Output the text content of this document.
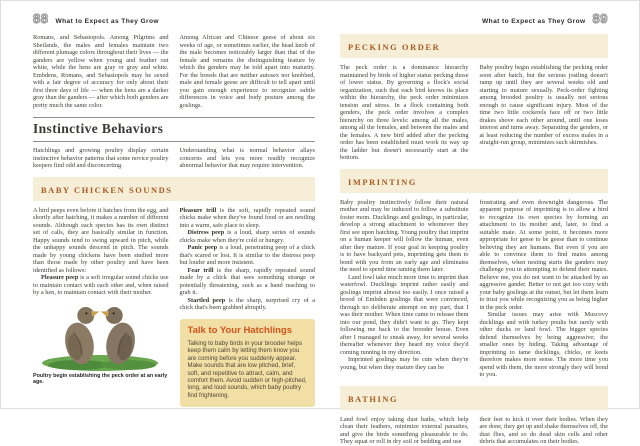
88 What to Expect as They Grow

Romans, and Sebastopols. Among Pilgrims and Shetlands, the males and females maintain two different plumage colors throughout their lives — the ganders are yellow when young and feather out white, while the hens are gray or gray and white. Embdens, Romans, and Sebastopols may be sexed with a fair degree of accuracy for only about their first three days of life — when the hens are a darker gray than the ganders — after which both genders are pretty much the same color.

Among African and Chinese geese of about six weeks of age, or sometimes earlier, the head knob of the male becomes noticeably larger than that of the female and remains the distinguishing feature by which the genders may be told apart into maturity. For the breeds that are neither autosex nor knobbed, male and female geese are difficult to tell apart until you gain enough experience to recognize subtle differences in voice and body posture among the goslings.

Instinctive Behaviors

Hatchlings and growing poultry display certain instinctive behavior patterns that some novice poultry keepers find odd and disconcerting.

Understanding what is normal behavior allays concerns and lets you more readily recognize abnormal behavior that may require intervention.

BABY CHICKEN SOUNDS

A bird peeps even before it hatches from the egg, and shortly after hatching, it makes a number of different sounds. Although each species has its own distinct set of calls, they are basically similar in function. Happy sounds tend to swing upward in pitch, while the unhappy sounds descend in pitch. The sounds made by young chickens have been studied more than those made by other poultry and have been identified as follows:

Pleasure peep is a soft irregular sound chicks use to maintain contact with each other and, when raised by a hen, to maintain contact with their mother.

Poultry begin establishing the peck order at an early age.

Pleasure trill is the soft, rapidly repeated sound chicks make when they've found food or are nestling into a warm, safe place to sleep.

Distress peep is a loud, sharp series of sounds chicks make when they're cold or hungry.

Panic peep is a loud, penetrating peep of a chick that's scared or lost. It is similar to the distress peep but louder and more insistent.

Fear trill is the sharp, rapidly repeated sound made by a chick that sees something strange or potentially threatening, such as a hand reaching to grab it.

Startled peep is the sharp, surprised cry of a chick that's been grabbed abruptly.

Talk to Your Hatchlings

Talking to baby birds in your brooder helps keep them calm by letting them know you are coming before you suddenly appear. Make sounds that are low pitched, brief, soft, and repetitive to attract, calm, and comfort them. Avoid sudden or high-pitched, long, and loud sounds, which baby poultry find frightening.

What to Expect as They Grow 89
PECKING ORDER

The peck order is a dominance hierarchy maintained by birds of higher status pecking those of lower status. By governing a flock's social organization, such that each bird knows its place within the hierarchy, the peck order minimizes tension and stress. In a flock containing both genders, the peck order involves a complex hierarchy on three levels: among all the males, among all the females, and between the males and the females. A new bird added after the pecking order has been established must work its way up the ladder but doesn't necessarily start at the bottom.

Baby poultry begin establishing the pecking order soon after hatch, but the serious jostling doesn't ramp up until they are several weeks old and starting to mature sexually. Peck-order fighting among brooded poultry is usually not serious enough to cause significant injury. Most of the time two little cockerels face off or two little drakes shove each other around, until one loses interest and turns away. Separating the genders, or at least reducing the number of excess males in a straight-run group, minimizes such skirmishes.

IMPRINTING

Baby poultry instinctively follow their natural mother and may be induced to follow a substitute foster mom. Ducklings and goslings, in particular, develop a strong attachment to whomever they first see upon hatching. Young poultry that imprint on a human keeper will follow the human, even after they mature. If your goal in keeping poultry is to have backyard pets, imprinting gets them to bond with you from an early age and eliminates the need to spend time taming them later.

Land fowl take much more time to imprint than waterfowl. Ducklings imprint rather easily and goslings imprint almost too easily. I once raised a brood of Embden goslings that were convinced, through no deliberate attempt on my part, that I was their mother. When time came to release them into our pond, they didn't want to go. They kept following me back to the brooder house. Even after I managed to sneak away, for several weeks thereafter whenever they heard my voice they'd coming running in my direction.

Imprinted goslings may be cute when they're young, but when they mature they can be

frustrating and even downright dangerous. The apparent purpose of imprinting is to allow a bird to recognize its own species by forming an attachment to its mother and, later, to find a suitable mate. At some point, it becomes more appropriate for geese to be geese than to continue believing they are humans. But even if you are able to convince them to find mates among themselves, when nesting starts the ganders may challenge you in attempting to defend their mates. Believe me, you do not want to be attacked by an aggressive gander. Better to not get too cozy with your baby goslings at the outset, but let them learn to trust you while recognizing you as being higher in the peck order.

Similar issues may arise with Muscovy ducklings and with turkey poults but rarely with other ducks or land fowl. The bigger species defend themselves by being aggressive; the smaller ones by hiding. Taking advantage of imprinting to tame ducklings, chicks, or keets therefore makes more sense. The more time you spend with them, the more strongly they will bond to you.

BATHING

Land fowl enjoy taking dust baths, which help clean their feathers, minimize external parasites, and give the birds something pleasurable to do. They squat or roll in dry soil or bedding and use

their feet to kick it over their bodies. When they are done, they get up and shake themselves off, the dust flies, and so do dead skin cells and other debris that accumulates on their bodies.
